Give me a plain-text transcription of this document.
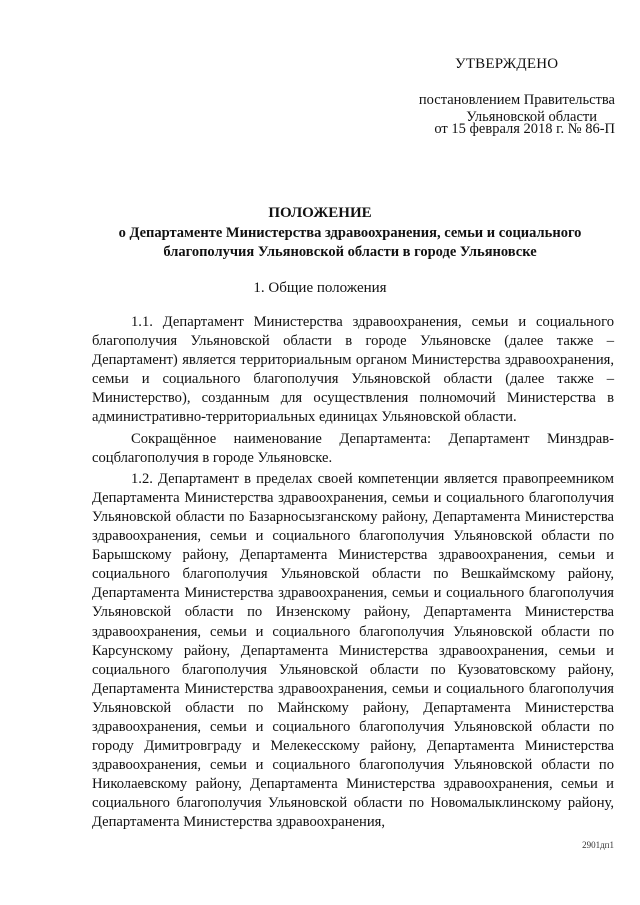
УТВЕРЖДЕНО
постановлением Правительства
Ульяновской области
от 15 февраля 2018 г. № 86-П
ПОЛОЖЕНИЕ
о Департаменте Министерства здравоохранения, семьи и социального благополучия Ульяновской области в городе Ульяновске
1. Общие положения

1.1. Департамент Министерства здравоохранения, семьи и социального благополучия Ульяновской области в городе Ульяновске (далее также – Департамент) является территориальным органом Министерства здравоохранения, семьи и социального благополучия Ульяновской области (далее также – Министерство), созданным для осуществления полномочий Министерства в административно-территориальных единицах Ульяновской области.

Сокращённое наименование Департамента: Департамент Минздрав-соцблагополучия в городе Ульяновске.

1.2. Департамент в пределах своей компетенции является правопреемником Департамента Министерства здравоохранения, семьи и социального благополучия Ульяновской области по Базарносызганскому району, Департамента Министерства здравоохранения, семьи и социального благополучия Ульяновской области по Барышскому району, Департамента Министерства здравоохранения, семьи и социального благополучия Ульяновской области по Вешкаймскому району, Департамента Министерства здравоохранения, семьи и социального благополучия Ульяновской области по Инзенскому району, Департамента Министерства здравоохранения, семьи и социального благополучия Ульяновской области по Карсунскому району, Департамента Министерства здравоохранения, семьи и социального благополучия Ульяновской области по Кузоватовскому району, Департамента Министерства здравоохранения, семьи и социального благополучия Ульяновской области по Майнскому району, Департамента Министерства здравоохранения, семьи и социального благополучия Ульяновской области по городу Димитровграду и Мелекесскому району, Департамента Министерства здравоохранения, семьи и социального благополучия Ульяновской области по Николаевскому району, Департамента Министерства здравоохранения, семьи и социального благополучия Ульяновской области по Новомалыклинскому району, Департамента Министерства здравоохранения,

2901дп1
